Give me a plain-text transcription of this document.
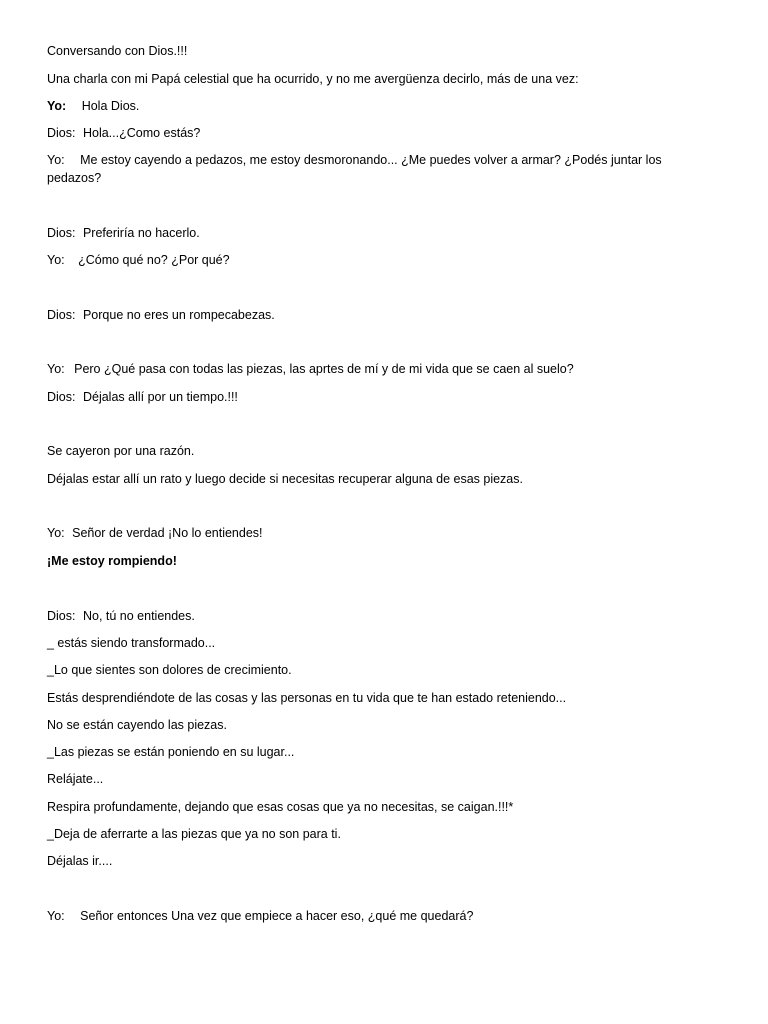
Conversando con Dios.!!!
Una charla con mi Papá celestial que ha ocurrido, y no me avergüenza decirlo, más de una vez:
Yo: Hola Dios.
Dios: Hola...¿Como estás?
Yo: Me estoy cayendo a pedazos, me estoy desmoronando... ¿Me puedes volver a armar? ¿Podés juntar los pedazos?
Dios: Preferiría no hacerlo.
Yo: ¿Cómo qué no? ¿Por qué?
Dios: Porque no eres un rompecabezas.
Yo: Pero ¿Qué pasa con todas las piezas, las aprtes de mí y de mi vida que se caen al suelo?
Dios: Déjalas allí por un tiempo.!!!
Se cayeron por una razón.
Déjalas estar allí un rato y luego decide si necesitas recuperar alguna de esas piezas.
Yo: Señor de verdad ¡No lo entiendes!
¡Me estoy rompiendo!
Dios: No, tú no entiendes.
_ estás siendo transformado...
_Lo que sientes son dolores de crecimiento.
Estás desprendiéndote de las cosas y las personas en tu vida que te han estado reteniendo...
No se están cayendo las piezas.
_Las piezas se están poniendo en su lugar...
Relájate...
Respira profundamente, dejando que esas cosas que ya no necesitas, se caigan.!!!*
_Deja de aferrarte a las piezas que ya no son para ti.
Déjalas ir....
Yo: Señor entonces Una vez que empiece a hacer eso, ¿qué me quedará?
